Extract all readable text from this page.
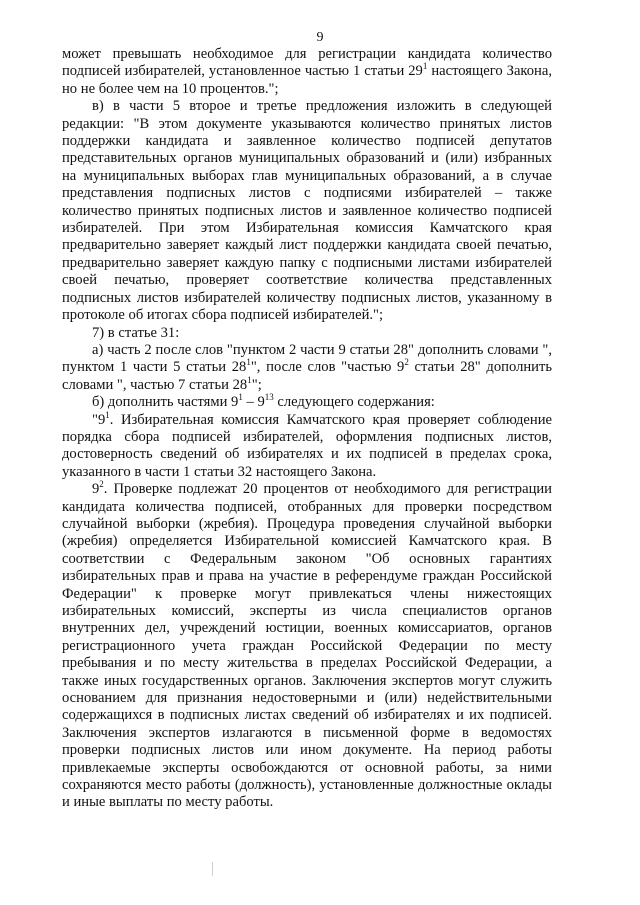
9

может превышать необходимое для регистрации кандидата количество подписей избирателей, установленное частью 1 статьи $29^1$ настоящего Закона, но не более чем на 10 процентов.";

в) в части 5 второе и третье предложения изложить в следующей редакции: "В этом документе указываются количество принятых листов поддержки кандидата и заявленное количество подписей депутатов представительных органов муниципальных образований и (или) избранных на муниципальных выборах глав муниципальных образований, а в случае представления подписных листов с подписями избирателей – также количество принятых подписных листов и заявленное количество подписей избирателей. При этом Избирательная комиссия Камчатского края предварительно заверяет каждый лист поддержки кандидата своей печатью, предварительно заверяет каждую папку с подписными листами избирателей своей печатью, проверяет соответствие количества представленных подписных листов избирателей количеству подписных листов, указанному в протоколе об итогах сбора подписей избирателей.";

7) в статье 31:

а) часть 2 после слов "пунктом 2 части 9 статьи 28" дополнить словами ", пунктом 1 части 5 статьи $28^1$", после слов "частью $9^2$ статьи 28" дополнить словами ", частью 7 статьи $28^1$";

б) дополнить частями $9^1 - 9^{13}$ следующего содержания:

"$9^1$. Избирательная комиссия Камчатского края проверяет соблюдение порядка сбора подписей избирателей, оформления подписных листов, достоверность сведений об избирателях и их подписей в пределах срока, указанного в части 1 статьи 32 настоящего Закона.

$9^2$. Проверке подлежат 20 процентов от необходимого для регистрации кандидата количества подписей, отобранных для проверки посредством случайной выборки (жребия). Процедура проведения случайной выборки (жребия) определяется Избирательной комиссией Камчатского края. В соответствии с Федеральным законом "Об основных гарантиях избирательных прав и права на участие в референдуме граждан Российской Федерации" к проверке могут привлекаться члены нижестоящих избирательных комиссий, эксперты из числа специалистов органов внутренних дел, учреждений юстиции, военных комиссариатов, органов регистрационного учета граждан Российской Федерации по месту пребывания и по месту жительства в пределах Российской Федерации, а также иных государственных органов. Заключения экспертов могут служить основанием для признания недостоверными и (или) недействительными содержащихся в подписных листах сведений об избирателях и их подписей. Заключения экспертов излагаются в письменной форме в ведомостях проверки подписных листов или ином документе. На период работы привлекаемые эксперты освобождаются от основной работы, за ними сохраняются место работы (должность), установленные должностные оклады и иные выплаты по месту работы.
